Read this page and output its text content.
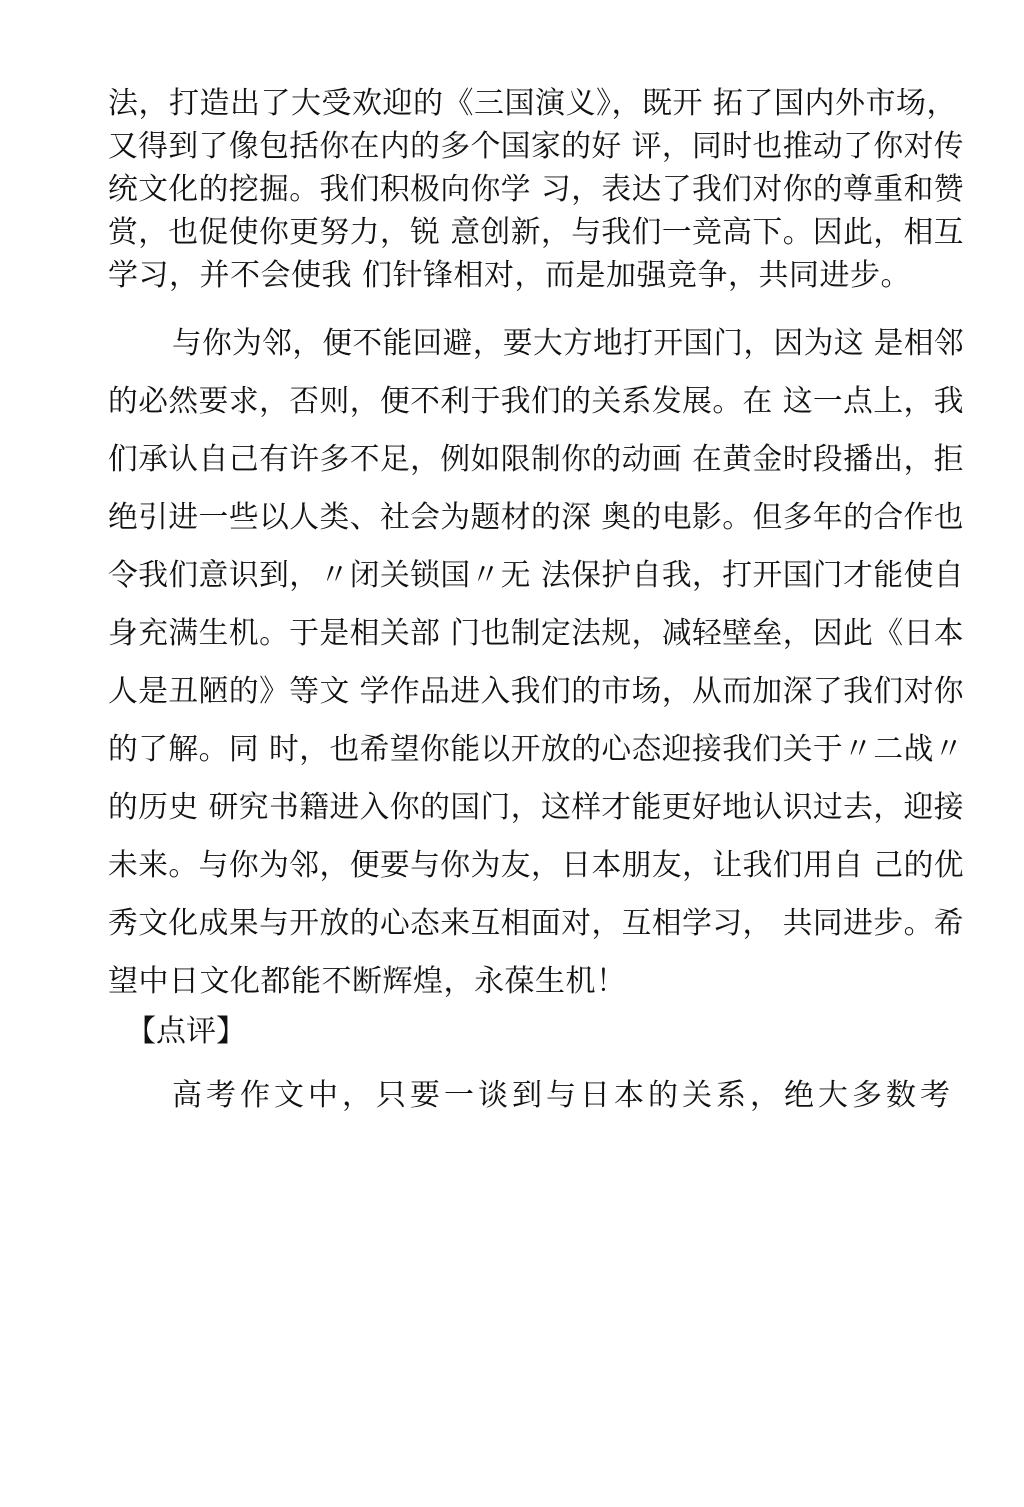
法，打造出了大受欢迎的《三国演义》，既开 拓了国内外市场，
又得到了像包括你在内的多个国家的好 评，同时也推动了你对传
统文化的挖掘。我们积极向你学 习，表达了我们对你的尊重和赞
赏，也促使你更努力，锐 意创新，与我们一竞高下。因此，相互
学习，并不会使我 们针锋相对，而是加强竞争，共同进步。
与你为邻，便不能回避，要大方地打开国门，因为这 是相邻
的必然要求，否则，便不利于我们的关系发展。在 这一点上，我
们承认自己有许多不足，例如限制你的动画 在黄金时段播出，拒
绝引进一些以人类、社会为题材的深 奥的电影。但多年的合作也
令我们意识到，〃闭关锁国〃无 法保护自我，打开国门才能使自
身充满生机。于是相关部 门也制定法规，减轻壁垒，因此《日本
人是丑陋的》等文 学作品进入我们的市场，从而加深了我们对你
的了解。同 时，也希望你能以开放的心态迎接我们关于〃二战〃
的历史 研究书籍进入你的国门，这样才能更好地认识过去，迎接
未来。与你为邻，便要与你为友，日本朋友，让我们用自 己的优
秀文化成果与开放的心态来互相面对，互相学习， 共同进步。希
望中日文化都能不断辉煌，永葆生机！
【点评】
高考作文中，只要一谈到与日本的关系，绝大多数考
